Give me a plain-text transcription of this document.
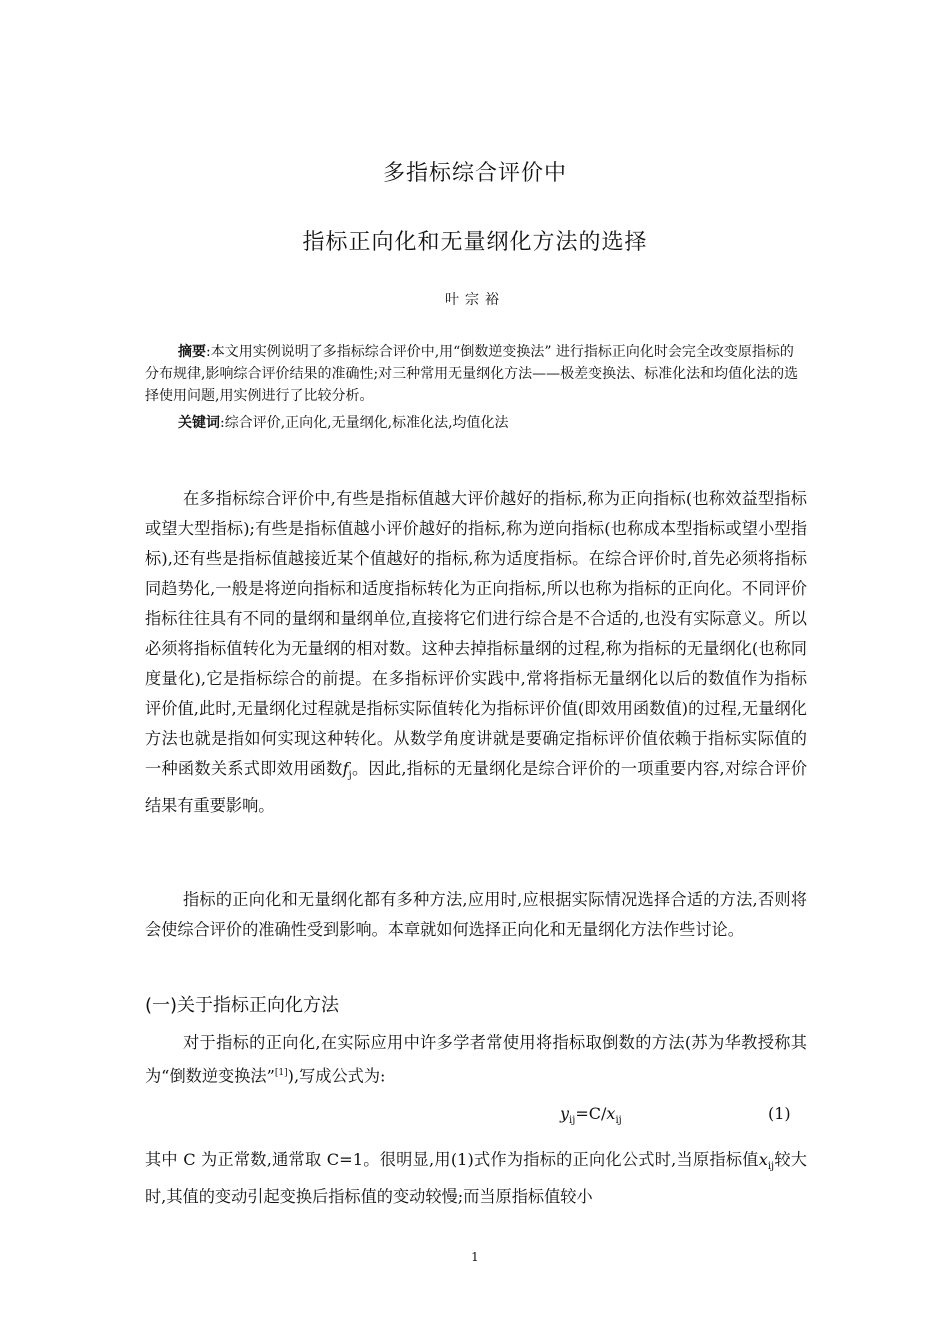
多指标综合评价中
指标正向化和无量纲化方法的选择
叶宗裕
摘要:本文用实例说明了多指标综合评价中,用“倒数逆变换法” 进行指标正向化时会完全改变原指标的分布规律,影响综合评价结果的准确性;对三种常用无量纲化方法——极差变换法、标准化法和均值化法的选择使用问题,用实例进行了比较分析。
关键词:综合评价,正向化,无量纲化,标准化法,均值化法
在多指标综合评价中,有些是指标值越大评价越好的指标,称为正向指标(也称效益型指标或望大型指标);有些是指标值越小评价越好的指标,称为逆向指标(也称成本型指标或望小型指标),还有些是指标值越接近某个值越好的指标,称为适度指标。在综合评价时,首先必须将指标同趋势化,一般是将逆向指标和适度指标转化为正向指标,所以也称为指标的正向化。不同评价指标往往具有不同的量纲和量纲单位,直接将它们进行综合是不合适的,也没有实际意义。所以必须将指标值转化为无量纲的相对数。这种去掉指标量纲的过程,称为指标的无量纲化(也称同度量化),它是指标综合的前提。在多指标评价实践中,常将指标无量纲化以后的数值作为指标评价值,此时,无量纲化过程就是指标实际值转化为指标评价值(即效用函数值)的过程,无量纲化方法也就是指如何实现这种转化。从数学角度讲就是要确定指标评价值依赖于指标实际值的一种函数关系式即效用函数$f_j$。因此,指标的无量纲化是综合评价的一项重要内容,对综合评价结果有重要影响。
指标的正向化和无量纲化都有多种方法,应用时,应根据实际情况选择合适的方法,否则将会使综合评价的准确性受到影响。本章就如何选择正向化和无量纲化方法作些讨论。
(一)关于指标正向化方法
对于指标的正向化,在实际应用中许多学者常使用将指标取倒数的方法(苏为华教授称其为“倒数逆变换法”[1]),写成公式为:
$y_{ij}=C/x_{ij}$	(1)
其中 C 为正常数,通常取 C=1。很明显,用(1)式作为指标的正向化公式时,当原指标值$x_{ij}$较大时,其值的变动引起变换后指标值的变动较慢;而当原指标值较小
1
